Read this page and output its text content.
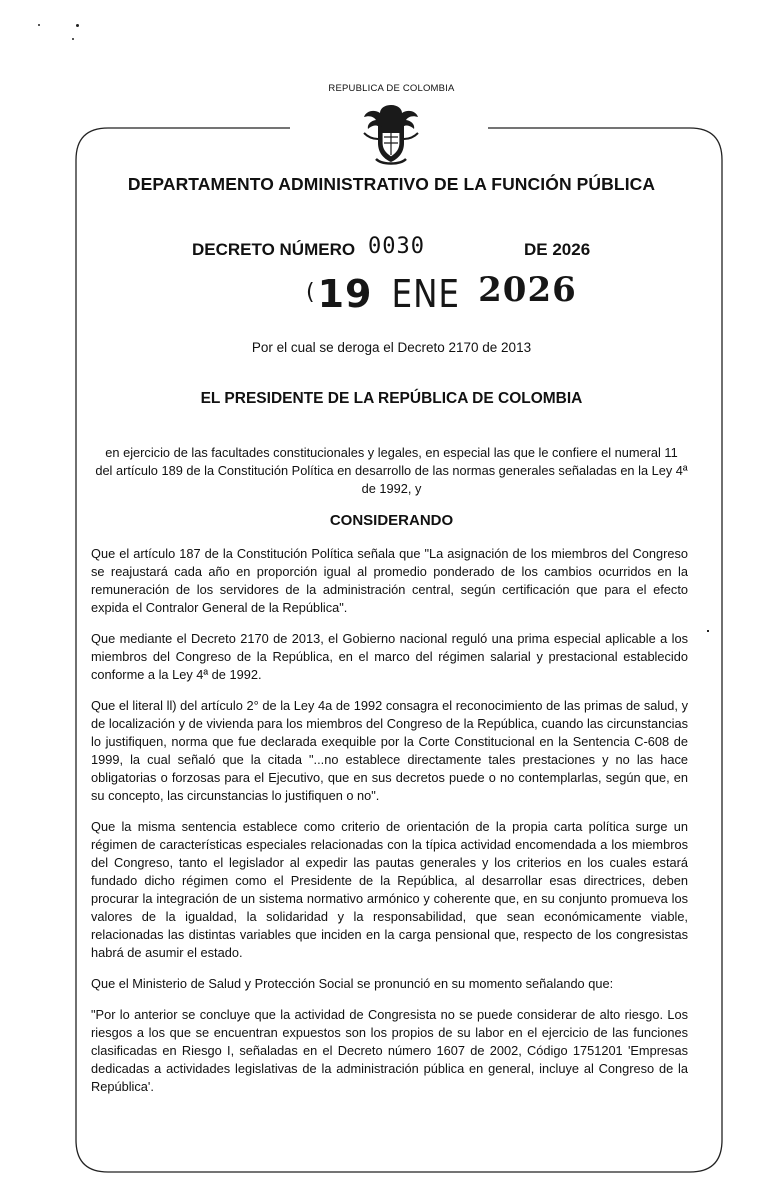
REPUBLICA DE COLOMBIA
DEPARTAMENTO ADMINISTRATIVO DE LA FUNCIÓN PÚBLICA
DECRETO NÚMERO 0030	DE 2026
(19 ENE 2026
Por el cual se deroga el Decreto 2170 de 2013
EL PRESIDENTE DE LA REPÚBLICA DE COLOMBIA
en ejercicio de las facultades constitucionales y legales, en especial las que le confiere el numeral 11 del artículo 189 de la Constitución Política en desarrollo de las normas generales señaladas en la Ley 4ª de 1992, y
CONSIDERANDO

Que el artículo 187 de la Constitución Política señala que "La asignación de los miembros del Congreso se reajustará cada año en proporción igual al promedio ponderado de los cambios ocurridos en la remuneración de los servidores de la administración central, según certificación que para el efecto expida el Contralor General de la República".

Que mediante el Decreto 2170 de 2013, el Gobierno nacional reguló una prima especial aplicable a los miembros del Congreso de la República, en el marco del régimen salarial y prestacional establecido conforme a la Ley 4ª de 1992.

Que el literal ll) del artículo 2° de la Ley 4a de 1992 consagra el reconocimiento de las primas de salud, y de localización y de vivienda para los miembros del Congreso de la República, cuando las circunstancias lo justifiquen, norma que fue declarada exequible por la Corte Constitucional en la Sentencia C-608 de 1999, la cual señaló que la citada "...no establece directamente tales prestaciones y no las hace obligatorias o forzosas para el Ejecutivo, que en sus decretos puede o no contemplarlas, según que, en su concepto, las circunstancias lo justifiquen o no".

Que la misma sentencia establece como criterio de orientación de la propia carta política surge un régimen de características especiales relacionadas con la típica actividad encomendada a los miembros del Congreso, tanto el legislador al expedir las pautas generales y los criterios en los cuales estará fundado dicho régimen como el Presidente de la República, al desarrollar esas directrices, deben procurar la integración de un sistema normativo armónico y coherente que, en su conjunto promueva los valores de la igualdad, la solidaridad y la responsabilidad, que sean económicamente viable, relacionadas las distintas variables que inciden en la carga pensional que, respecto de los congresistas habrá de asumir el estado.

Que el Ministerio de Salud y Protección Social se pronunció en su momento señalando que:

"Por lo anterior se concluye que la actividad de Congresista no se puede considerar de alto riesgo. Los riesgos a los que se encuentran expuestos son los propios de su labor en el ejercicio de las funciones clasificadas en Riesgo I, señaladas en el Decreto número 1607 de 2002, Código 1751201 'Empresas dedicadas a actividades legislativas de la administración pública en general, incluye al Congreso de la República'.
